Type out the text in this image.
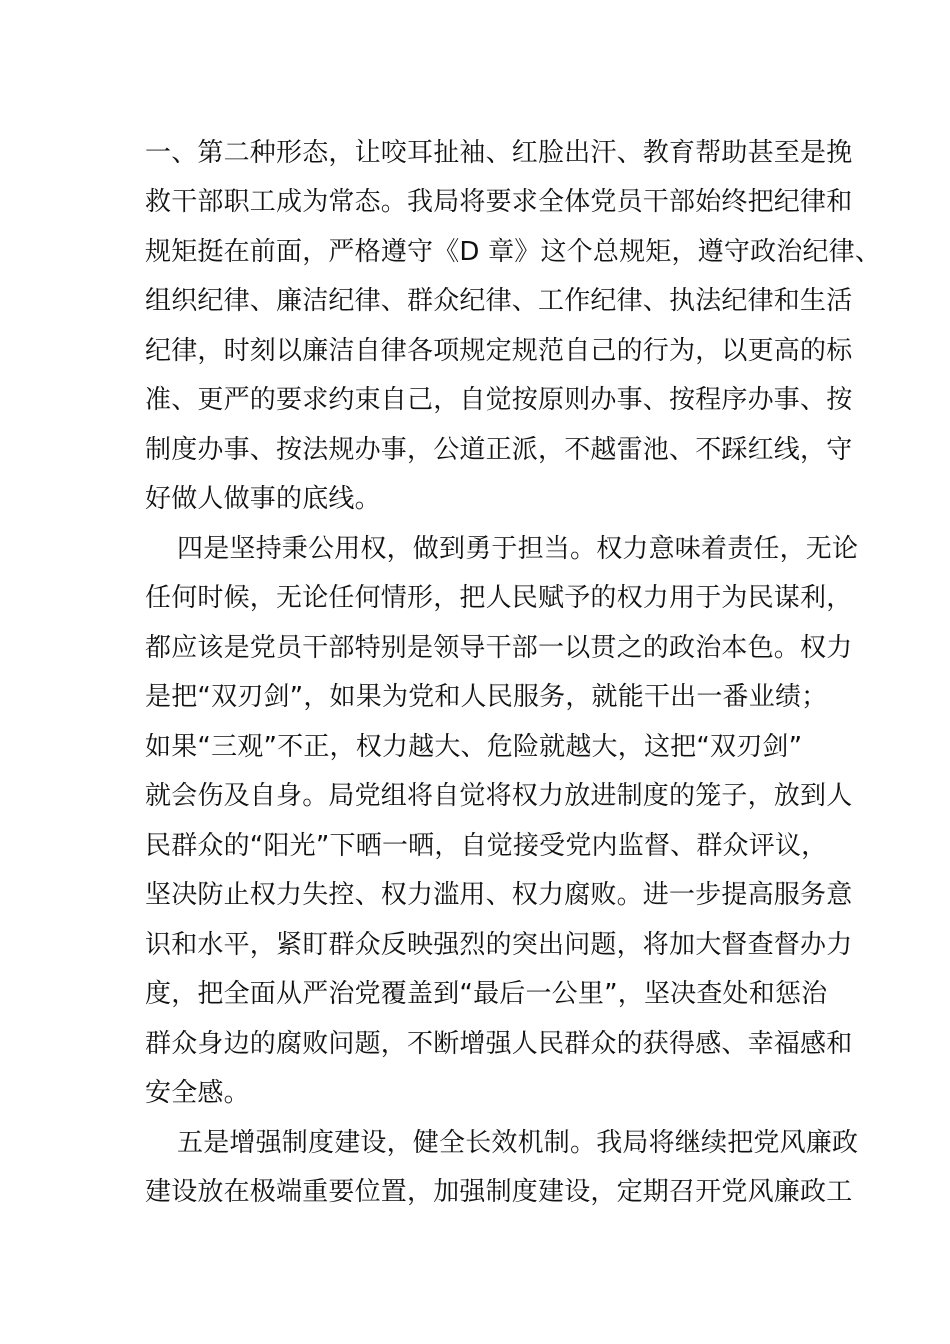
一、第二种形态，让咬耳扯袖、红脸出汗、教育帮助甚至是挽
救干部职工成为常态。我局将要求全体党员干部始终把纪律和
规矩挺在前面，严格遵守《D 章》这个总规矩，遵守政治纪律、
组织纪律、廉洁纪律、群众纪律、工作纪律、执法纪律和生活
纪律，时刻以廉洁自律各项规定规范自己的行为，以更高的标
准、更严的要求约束自己，自觉按原则办事、按程序办事、按
制度办事、按法规办事，公道正派，不越雷池、不踩红线，守
好做人做事的底线。
四是坚持秉公用权，做到勇于担当。权力意味着责任，无论
任何时候，无论任何情形，把人民赋予的权力用于为民谋利，
都应该是党员干部特别是领导干部一以贯之的政治本色。权力
是把“双刃剑”，如果为党和人民服务，就能干出一番业绩；
如果“三观”不正，权力越大、危险就越大，这把“双刃剑”
就会伤及自身。局党组将自觉将权力放进制度的笼子，放到人
民群众的“阳光”下晒一晒，自觉接受党内监督、群众评议，
坚决防止权力失控、权力滥用、权力腐败。进一步提高服务意
识和水平，紧盯群众反映强烈的突出问题，将加大督查督办力
度，把全面从严治党覆盖到“最后一公里”，坚决查处和惩治
群众身边的腐败问题，不断增强人民群众的获得感、幸福感和
安全感。
五是增强制度建设，健全长效机制。我局将继续把党风廉政
建设放在极端重要位置，加强制度建设，定期召开党风廉政工
